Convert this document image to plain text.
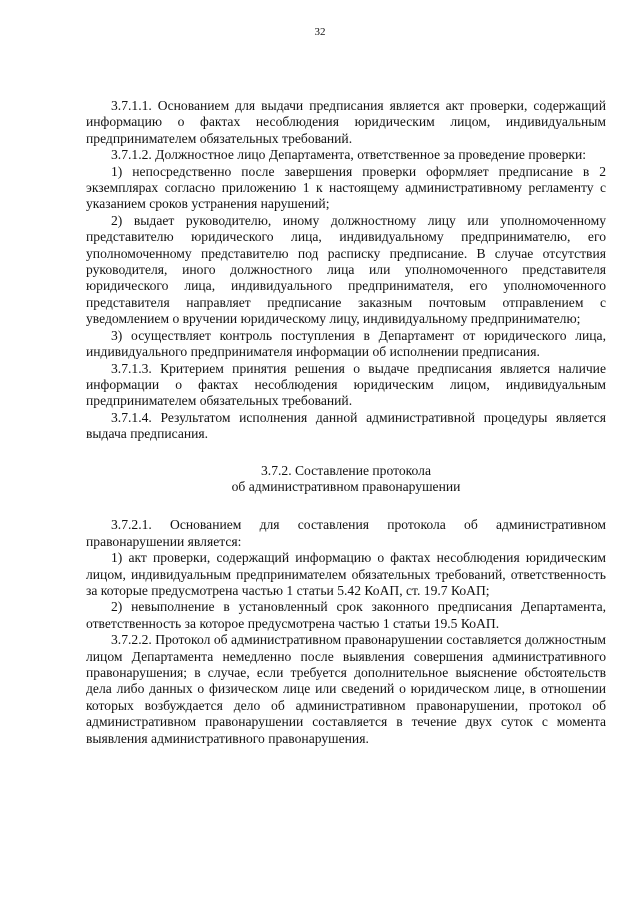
32

3.7.1.1. Основанием для выдачи предписания является акт проверки, содержащий информацию о фактах несоблюдения юридическим лицом, индивидуальным предпринимателем обязательных требований.

3.7.1.2. Должностное лицо Департамента, ответственное за проведение проверки:

1) непосредственно после завершения проверки оформляет предписание в 2 экземплярах согласно приложению 1 к настоящему административному регламенту с указанием сроков устранения нарушений;

2) выдает руководителю, иному должностному лицу или уполномоченному представителю юридического лица, индивидуальному предпринимателю, его уполномоченному представителю под расписку предписание. В случае отсутствия руководителя, иного должностного лица или уполномоченного представителя юридического лица, индивидуального предпринимателя, его уполномоченного представителя направляет предписание заказным почтовым отправлением с уведомлением о вручении юридическому лицу, индивидуальному предпринимателю;

3) осуществляет контроль поступления в Департамент от юридического лица, индивидуального предпринимателя информации об исполнении предписания.

3.7.1.3. Критерием принятия решения о выдаче предписания является наличие информации о фактах несоблюдения юридическим лицом, индивидуальным предпринимателем обязательных требований.

3.7.1.4. Результатом исполнения данной административной процедуры является выдача предписания.

3.7.2. Составление протокола

об административном правонарушении

3.7.2.1. Основанием для составления протокола об административном правонарушении является:

1) акт проверки, содержащий информацию о фактах несоблюдения юридическим лицом, индивидуальным предпринимателем обязательных требований, ответственность за которые предусмотрена частью 1 статьи 5.42 КоАП, ст. 19.7 КоАП;

2) невыполнение в установленный срок законного предписания Департамента, ответственность за которое предусмотрена частью 1 статьи 19.5 КоАП.

3.7.2.2. Протокол об административном правонарушении составляется должностным лицом Департамента немедленно после выявления совершения административного правонарушения; в случае, если требуется дополнительное выяснение обстоятельств дела либо данных о физическом лице или сведений о юридическом лице, в отношении которых возбуждается дело об административном правонарушении, протокол об административном правонарушении составляется в течение двух суток с момента выявления административного правонарушения.
